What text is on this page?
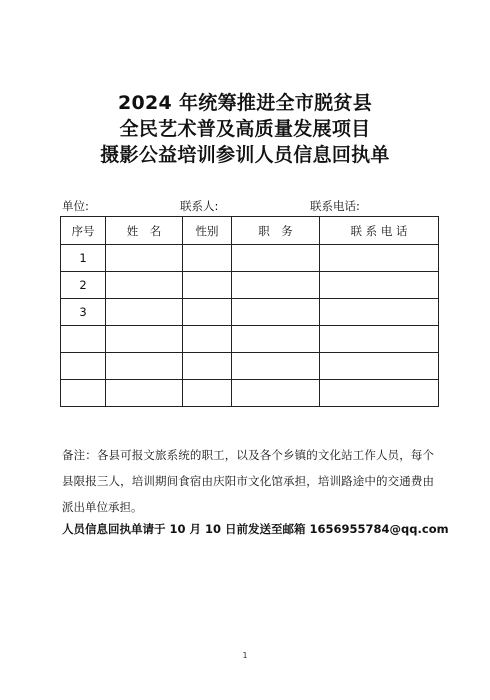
2024 年统筹推进全市脱贫县

全民艺术普及高质量发展项目

摄影公益培训参训人员信息回执单

单位:	联系人:	联系电话:
序号	姓　名	性别	职　务	联 系 电 话
1				
2				
3				

备注：各县可报文旅系统的职工，以及各个乡镇的文化站工作人员，每个县限报三人，培训期间食宿由庆阳市文化馆承担，培训路途中的交通费由派出单位承担。

人员信息回执单请于 10 月 10 日前发送至邮箱 1656955784@qq.com

1
